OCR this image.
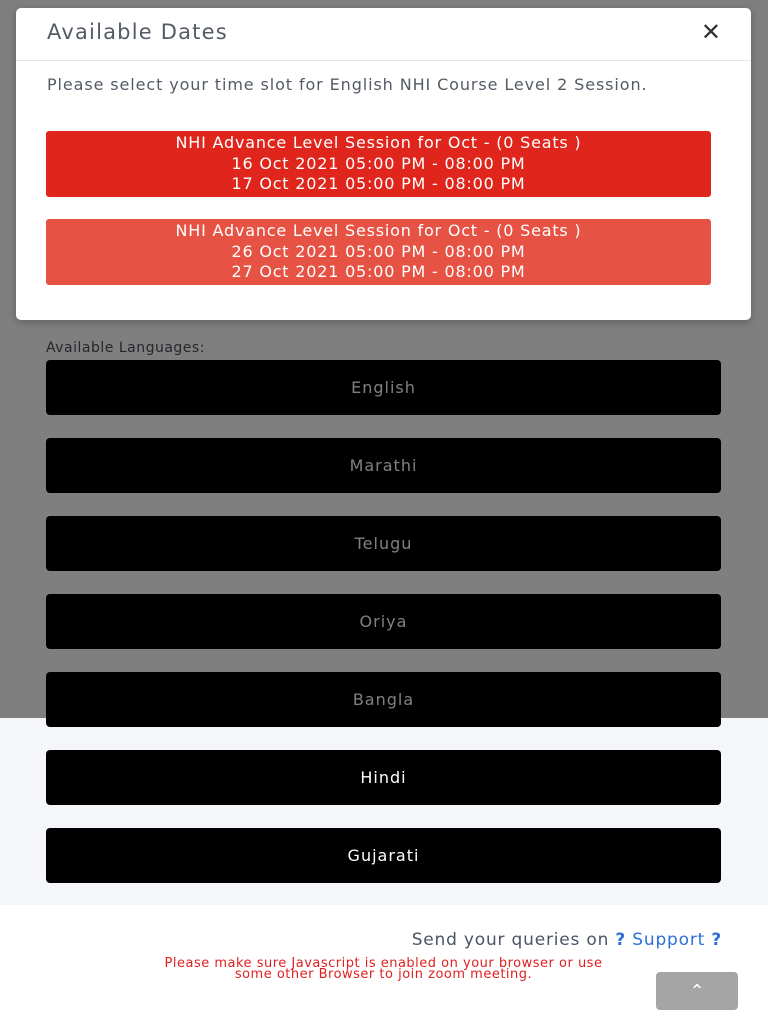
Hindi
Gujarati
Send your queries on ? Support ?
Please make sure Javascript is enabled on your browser or use
some other Browser to join zoom meeting.
⌃
Available Dates	✕
Please select your time slot for English NHI Course Level 2 Session.
NHI Advance Level Session for Oct - (0 Seats )
16 Oct 2021 05:00 PM - 08:00 PM
17 Oct 2021 05:00 PM - 08:00 PM
NHI Advance Level Session for Oct - (0 Seats )
26 Oct 2021 05:00 PM - 08:00 PM
27 Oct 2021 05:00 PM - 08:00 PM
